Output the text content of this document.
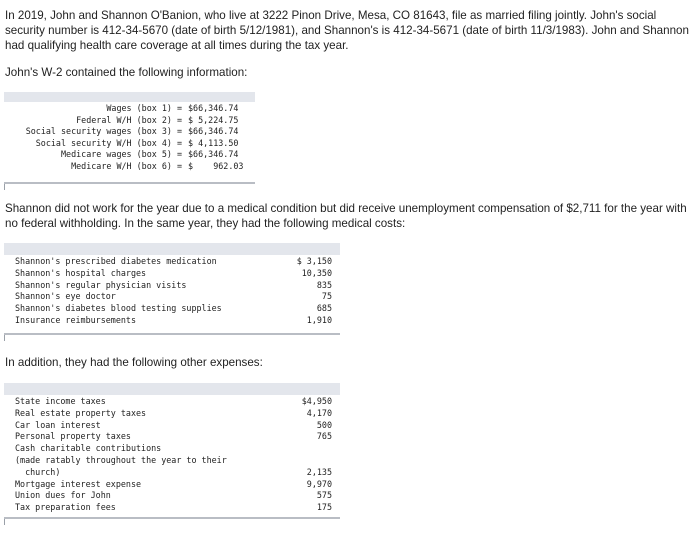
In 2019, John and Shannon O'Banion, who live at 3222 Pinon Drive, Mesa, CO 81643, file as married filing jointly. John's social security number is 412-34-5670 (date of birth 5/12/1981), and Shannon's is 412-34-5671 (date of birth 11/3/1983). John and Shannon had qualifying health care coverage at all times during the tax year.

John's W-2 contained the following information:

Wages (box 1) = $66,346.74
Federal W/H (box 2) = $ 5,224.75
Social security wages (box 3) = $66,346.74
Social security W/H (box 4) = $ 4,113.50
Medicare wages (box 5) = $66,346.74
Medicare W/H (box 6) = $    962.03

Shannon did not work for the year due to a medical condition but did receive unemployment compensation of $2,711 for the year with no federal withholding. In the same year, they had the following medical costs:

Shannon's prescribed diabetes medication	$ 3,150
Shannon's hospital charges	10,350
Shannon's regular physician visits	835
Shannon's eye doctor	75
Shannon's diabetes blood testing supplies	685
Insurance reimbursements	1,910

In addition, they had the following other expenses:

State income taxes	$4,950
Real estate property taxes	4,170
Car loan interest	500
Personal property taxes	765
Cash charitable contributions
(made ratably throughout the year to their
church)	2,135
Mortgage interest expense	9,970
Union dues for John	575
Tax preparation fees	175
